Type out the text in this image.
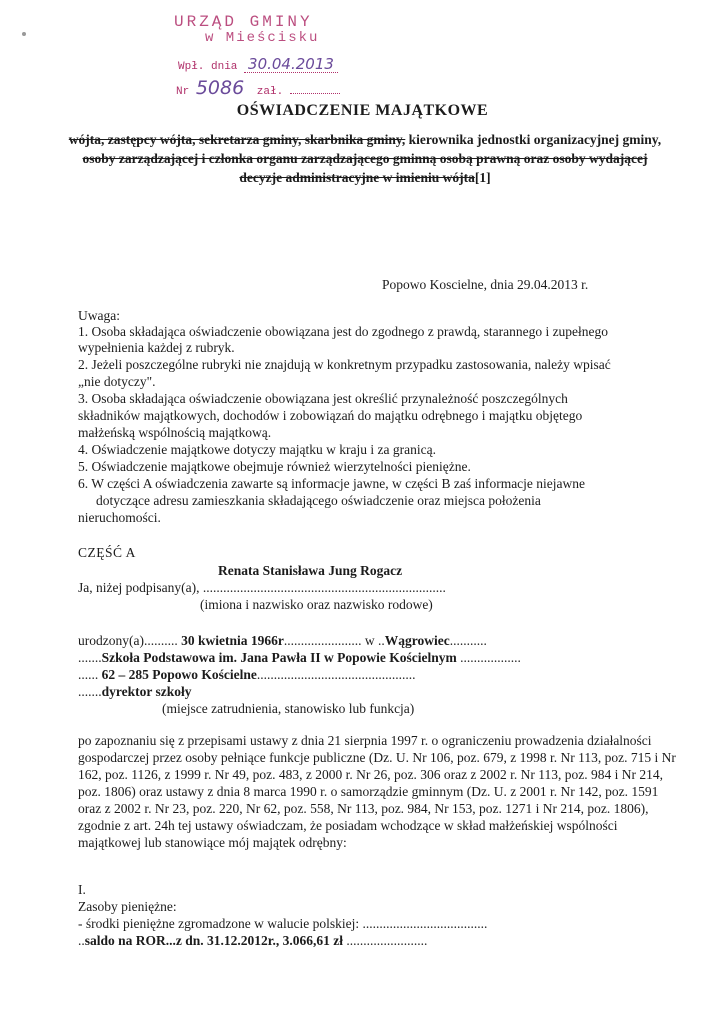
URZĄD GMINY
w Mieścisku
Wpł. dnia 30.04.2013
Nr 5086 zał.
OŚWIADCZENIE MAJĄTKOWE
wójta, zastępcy wójta, sekretarza gminy, skarbnika gminy, kierownika jednostki organizacyjnej gminy, osoby zarządzającej i członka organu zarządzającego gminną osobą prawną oraz osoby wydającej decyzje administracyjne w imieniu wójta[1]
Popowo Koscielne, dnia 29.04.2013 r.
Uwaga:
1. Osoba składająca oświadczenie obowiązana jest do zgodnego z prawdą, starannego i zupełnego
wypełnienia każdej z rubryk.
2. Jeżeli poszczególne rubryki nie znajdują w konkretnym przypadku zastosowania, należy wpisać
„nie dotyczy".
3. Osoba składająca oświadczenie obowiązana jest określić przynależność poszczególnych
składników majątkowych, dochodów i zobowiązań do majątku odrębnego i majątku objętego
małżeńską wspólnością majątkową.
4. Oświadczenie majątkowe dotyczy majątku w kraju i za granicą.
5. Oświadczenie majątkowe obejmuje również wierzytelności pieniężne.
6. W części A oświadczenia zawarte są informacje jawne, w części B zaś informacje niejawne
dotyczące adresu zamieszkania składającego oświadczenie oraz miejsca położenia
nieruchomości.
CZĘŚĆ A
Renata Stanisława Jung Rogacz
Ja, niżej podpisany(a), ........................................................................
(imiona i nazwisko oraz nazwisko rodowe)
urodzony(a).......... 30 kwietnia 1966r....................... w ..Wągrowiec...........
.......Szkoła Podstawowa im. Jana Pawła II w Popowie Kościelnym ..................
...... 62 – 285 Popowo Kościelne...............................................
.......dyrektor szkoły
(miejsce zatrudnienia, stanowisko lub funkcja)
po zapoznaniu się z przepisami ustawy z dnia 21 sierpnia 1997 r. o ograniczeniu prowadzenia działalności gospodarczej przez osoby pełniące funkcje publiczne (Dz. U. Nr 106, poz. 679, z 1998 r. Nr 113, poz. 715 i Nr 162, poz. 1126, z 1999 r. Nr 49, poz. 483, z 2000 r. Nr 26, poz. 306 oraz z 2002 r. Nr 113, poz. 984 i Nr 214, poz. 1806) oraz ustawy z dnia 8 marca 1990 r. o samorządzie gminnym (Dz. U. z 2001 r. Nr 142, poz. 1591 oraz z 2002 r. Nr 23, poz. 220, Nr 62, poz. 558, Nr 113, poz. 984, Nr 153, poz. 1271 i Nr 214, poz. 1806), zgodnie z art. 24h tej ustawy oświadczam, że posiadam wchodzące w skład małżeńskiej wspólności majątkowej lub stanowiące mój majątek odrębny:
I.
Zasoby pieniężne:
- środki pieniężne zgromadzone w walucie polskiej: .....................................
..saldo na ROR...z dn. 31.12.2012r., 3.066,61 zł ........................
